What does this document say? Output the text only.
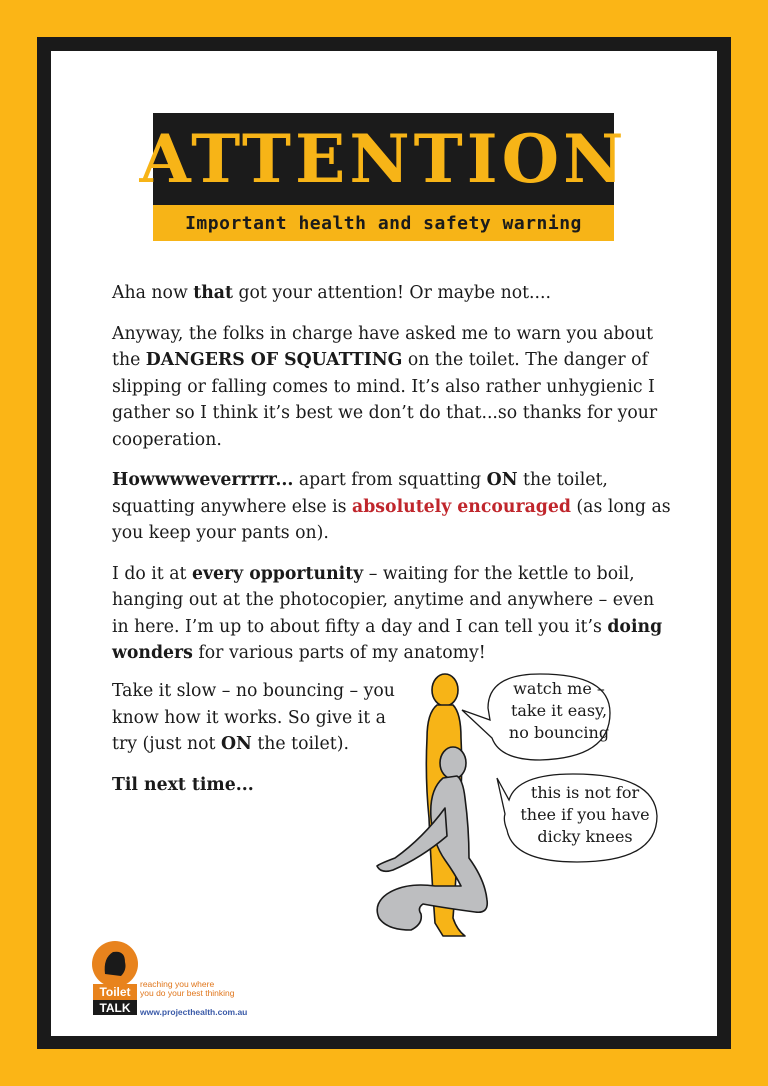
ATTENTION
Important health and safety warning

Aha now that got your attention! Or maybe not....

Anyway, the folks in charge have asked me to warn you about the DANGERS OF SQUATTING on the toilet. The danger of slipping or falling comes to mind. It’s also rather unhygienic I gather so I think it’s best we don’t do that...so thanks for your cooperation.

Howwwweverrrrr... apart from squatting ON the toilet, squatting anywhere else is absolutely encouraged (as long as you keep your pants on).

I do it at every opportunity – waiting for the kettle to boil, hanging out at the photocopier, anytime and anywhere – even in here. I’m up to about fifty a day and I can tell you it’s doing wonders for various parts of my anatomy!

Take it slow – no bouncing – you know how it works. So give it a try (just not ON the toilet).

Til next time...

watch me –
take it easy,
no bouncing
this is not for
thee if you have
dicky knees
Toilet
TALK
reaching you where
you do your best thinking
www.projecthealth.com.au
